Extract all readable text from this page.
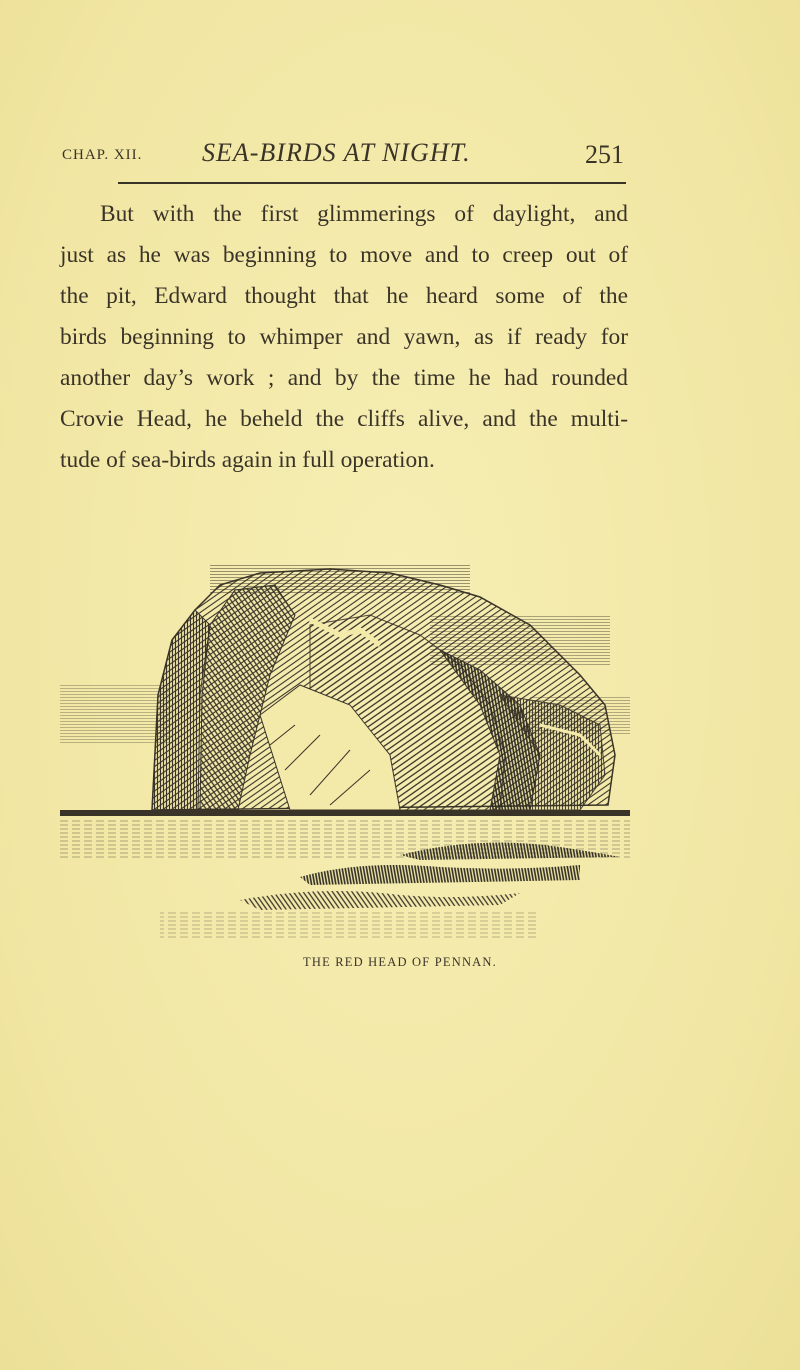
CHAP. XII. SEA-BIRDS AT NIGHT.	251
But with the first glimmerings of daylight, and
just as he was beginning to move and to creep out of
the pit, Edward thought that he heard some of the
birds beginning to whimper and yawn, as if ready for
another day’s work ; and by the time he had rounded
Crovie Head, he beheld the cliffs alive, and the multi-
tude of sea-birds again in full operation.
THE RED HEAD OF PENNAN.
